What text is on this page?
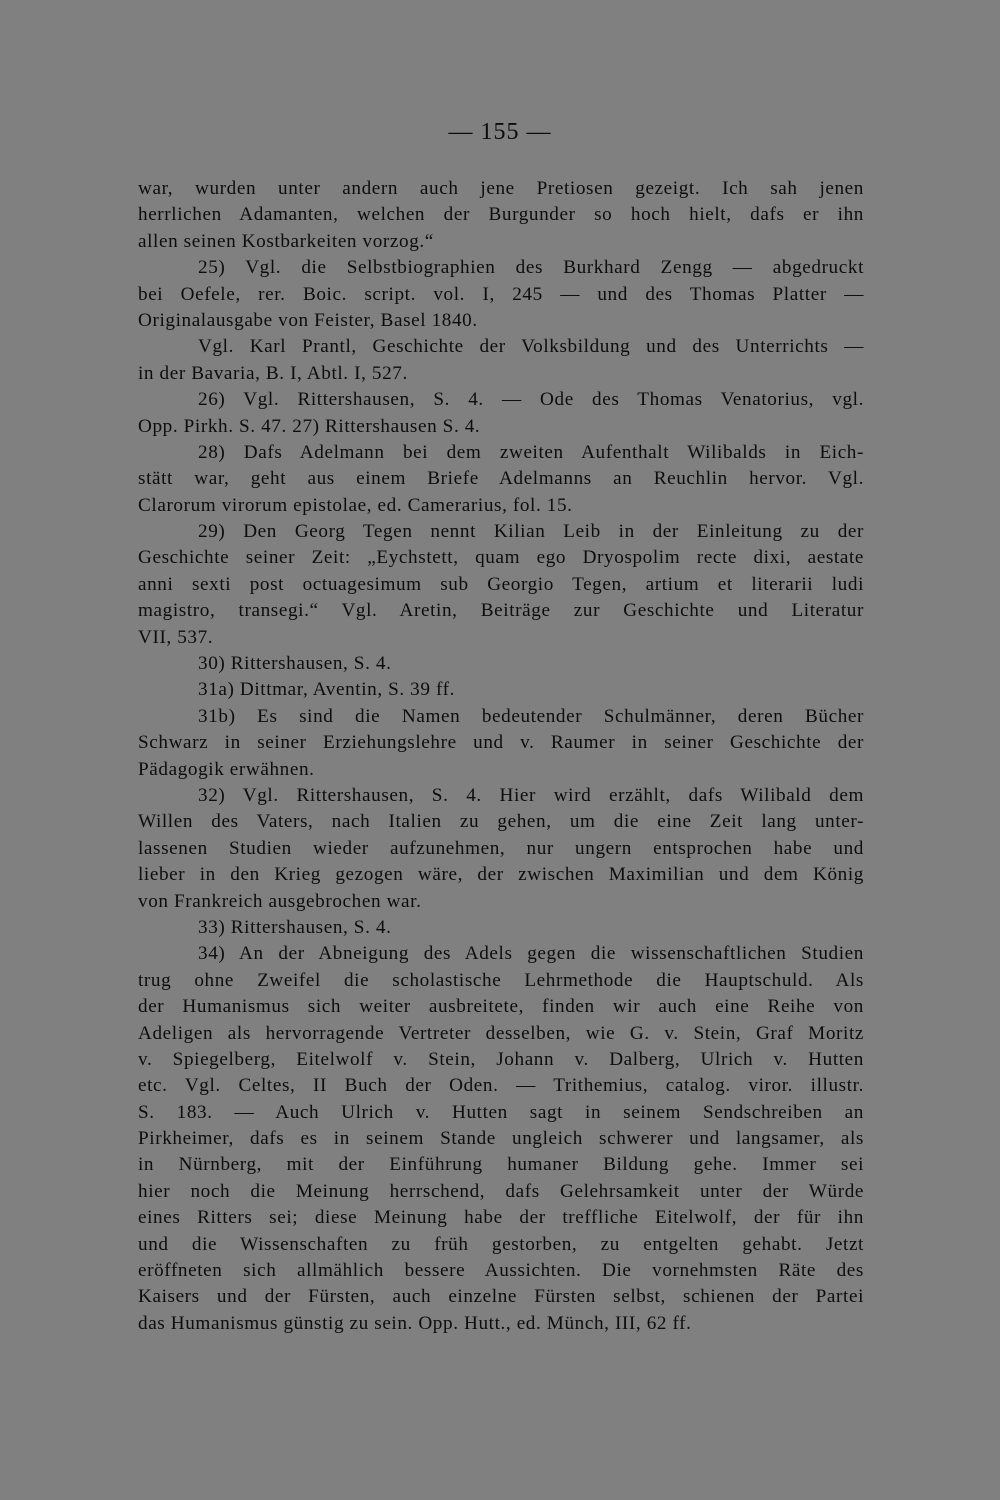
— 155 —
war, wurden unter andern auch jene Pretiosen gezeigt. Ich sah jenen
herrlichen Adamanten, welchen der Burgunder so hoch hielt, dafs er ihn
allen seinen Kostbarkeiten vorzog.“
25) Vgl. die Selbstbiographien des Burkhard Zengg — abgedruckt
bei Oefele, rer. Boic. script. vol. I, 245 — und des Thomas Platter —
Originalausgabe von Feister, Basel 1840.
Vgl. Karl Prantl, Geschichte der Volksbildung und des Unterrichts —
in der Bavaria, B. I, Abtl. I, 527.
26) Vgl. Rittershausen, S. 4. — Ode des Thomas Venatorius, vgl.
Opp. Pirkh. S. 47. 27) Rittershausen S. 4.
28) Dafs Adelmann bei dem zweiten Aufenthalt Wilibalds in Eich-
stätt war, geht aus einem Briefe Adelmanns an Reuchlin hervor. Vgl.
Clarorum virorum epistolae, ed. Camerarius, fol. 15.
29) Den Georg Tegen nennt Kilian Leib in der Einleitung zu der
Geschichte seiner Zeit: „Eychstett, quam ego Dryospolim recte dixi, aestate
anni sexti post octuagesimum sub Georgio Tegen, artium et literarii ludi
magistro, transegi.“ Vgl. Aretin, Beiträge zur Geschichte und Literatur
VII, 537.
30) Rittershausen, S. 4.
31a) Dittmar, Aventin, S. 39 ff.
31b) Es sind die Namen bedeutender Schulmänner, deren Bücher
Schwarz in seiner Erziehungslehre und v. Raumer in seiner Geschichte der
Pädagogik erwähnen.
32) Vgl. Rittershausen, S. 4. Hier wird erzählt, dafs Wilibald dem
Willen des Vaters, nach Italien zu gehen, um die eine Zeit lang unter-
lassenen Studien wieder aufzunehmen, nur ungern entsprochen habe und
lieber in den Krieg gezogen wäre, der zwischen Maximilian und dem König
von Frankreich ausgebrochen war.
33) Rittershausen, S. 4.
34) An der Abneigung des Adels gegen die wissenschaftlichen Studien
trug ohne Zweifel die scholastische Lehrmethode die Hauptschuld. Als
der Humanismus sich weiter ausbreitete, finden wir auch eine Reihe von
Adeligen als hervorragende Vertreter desselben, wie G. v. Stein, Graf Moritz
v. Spiegelberg, Eitelwolf v. Stein, Johann v. Dalberg, Ulrich v. Hutten
etc. Vgl. Celtes, II Buch der Oden. — Trithemius, catalog. viror. illustr.
S. 183. — Auch Ulrich v. Hutten sagt in seinem Sendschreiben an
Pirkheimer, dafs es in seinem Stande ungleich schwerer und langsamer, als
in Nürnberg, mit der Einführung humaner Bildung gehe. Immer sei
hier noch die Meinung herrschend, dafs Gelehrsamkeit unter der Würde
eines Ritters sei; diese Meinung habe der treffliche Eitelwolf, der für ihn
und die Wissenschaften zu früh gestorben, zu entgelten gehabt. Jetzt
eröffneten sich allmählich bessere Aussichten. Die vornehmsten Räte des
Kaisers und der Fürsten, auch einzelne Fürsten selbst, schienen der Partei
das Humanismus günstig zu sein. Opp. Hutt., ed. Münch, III, 62 ff.
